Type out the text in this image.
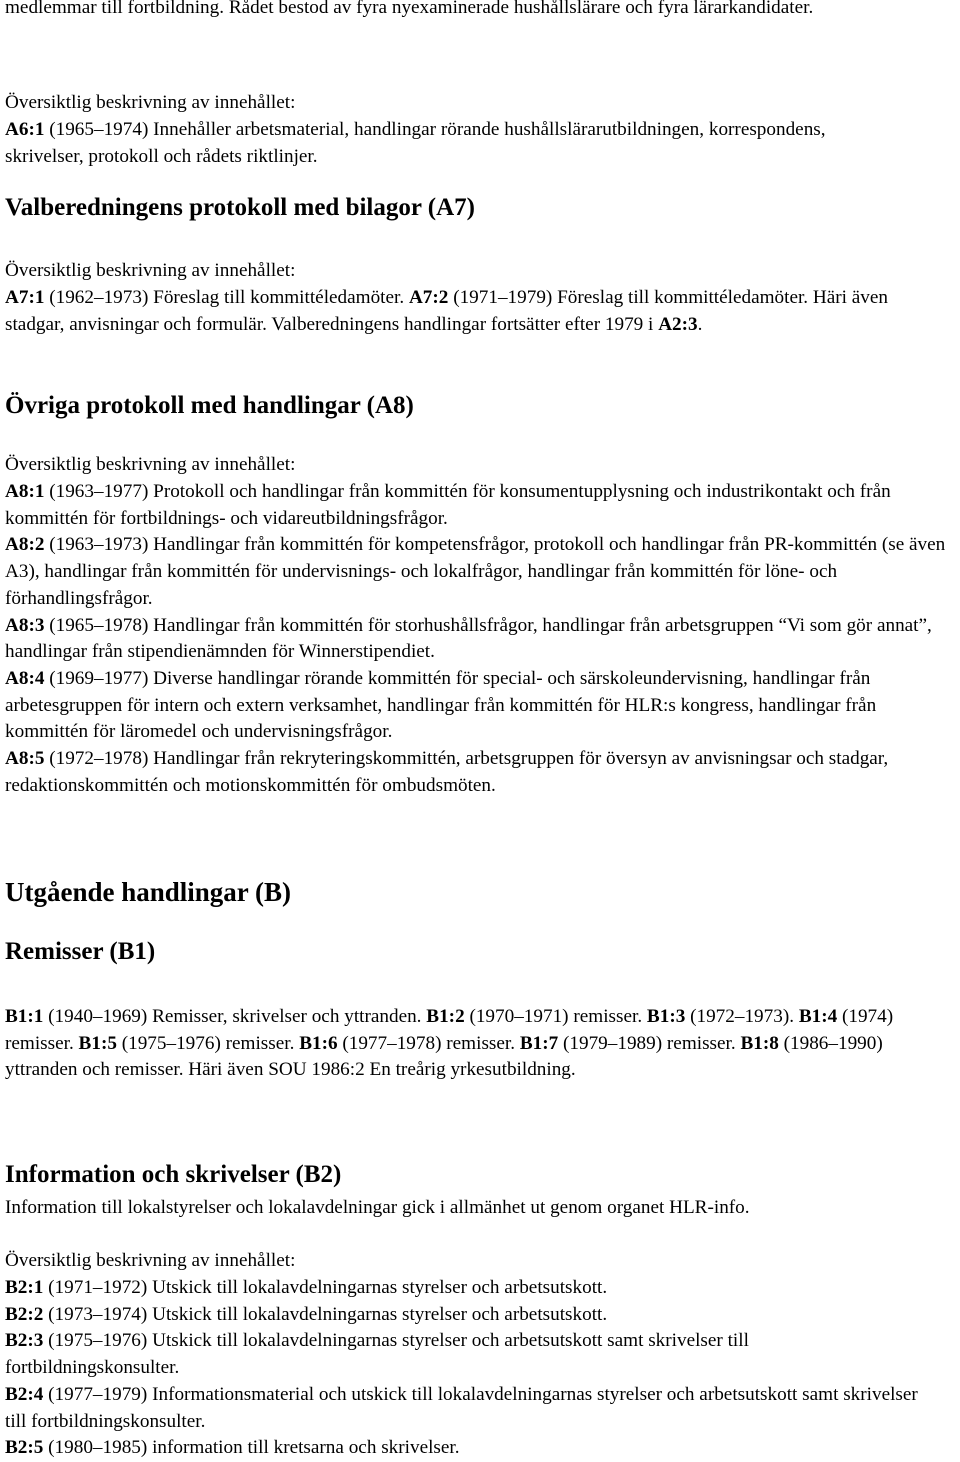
medlemmar till fortbildning. Rådet bestod av fyra nyexaminerade hushållslärare och fyra lärarkandidater.

Översiktlig beskrivning av innehållet:

A6:1 (1965–1974) Innehåller arbetsmaterial, handlingar rörande hushållslärarutbildningen, korrespondens, skrivelser, protokoll och rådets riktlinjer.

Valberedningens protokoll med bilagor (A7)

Översiktlig beskrivning av innehållet:

A7:1 (1962–1973) Föreslag till kommittéledamöter. A7:2 (1971–1979) Föreslag till kommittéledamöter. Häri även stadgar, anvisningar och formulär. Valberedningens handlingar fortsätter efter 1979 i A2:3.

Övriga protokoll med handlingar (A8)

Översiktlig beskrivning av innehållet:

A8:1 (1963–1977) Protokoll och handlingar från kommittén för konsumentupplysning och industrikontakt och från kommittén för fortbildnings- och vidareutbildningsfrågor.

A8:2 (1963–1973) Handlingar från kommittén för kompetensfrågor, protokoll och handlingar från PR-kommittén (se även A3), handlingar från kommittén för undervisnings- och lokalfrågor, handlingar från kommittén för löne- och förhandlingsfrågor.

A8:3 (1965–1978) Handlingar från kommittén för storhushållsfrågor, handlingar från arbetsgruppen “Vi som gör annat”, handlingar från stipendienämnden för Winnerstipendiet.

A8:4 (1969–1977) Diverse handlingar rörande kommittén för special- och särskoleundervisning, handlingar från arbetesgruppen för intern och extern verksamhet, handlingar från kommittén för HLR:s kongress, handlingar från kommittén för läromedel och undervisningsfrågor.

A8:5 (1972–1978) Handlingar från rekryteringskommittén, arbetsgruppen för översyn av anvisningsar och stadgar, redaktionskommittén och motionskommittén för ombudsmöten.

Utgående handlingar (B)
Remisser (B1)

B1:1 (1940–1969) Remisser, skrivelser och yttranden. B1:2 (1970–1971) remisser. B1:3 (1972–1973). B1:4 (1974) remisser. B1:5 (1975–1976) remisser. B1:6 (1977–1978) remisser. B1:7 (1979–1989) remisser. B1:8 (1986–1990) yttranden och remisser. Häri även SOU 1986:2 En treårig yrkesutbildning.

Information och skrivelser (B2)

Information till lokalstyrelser och lokalavdelningar gick i allmänhet ut genom organet HLR-info.

Översiktlig beskrivning av innehållet:

B2:1 (1971–1972) Utskick till lokalavdelningarnas styrelser och arbetsutskott.

B2:2 (1973–1974) Utskick till lokalavdelningarnas styrelser och arbetsutskott.

B2:3 (1975–1976) Utskick till lokalavdelningarnas styrelser och arbetsutskott samt skrivelser till fortbildningskonsulter.

B2:4 (1977–1979) Informationsmaterial och utskick till lokalavdelningarnas styrelser och arbetsutskott samt skrivelser till fortbildningskonsulter.

B2:5 (1980–1985) information till kretsarna och skrivelser.
